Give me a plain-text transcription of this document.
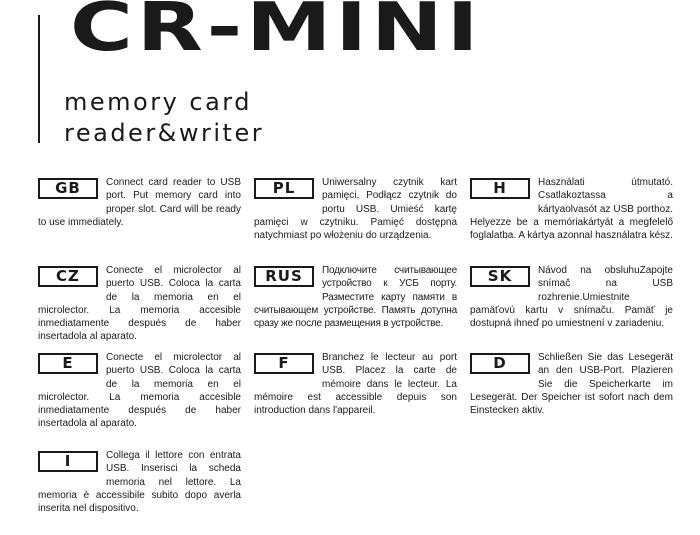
CR-MINI
memory card
reader&writer
GB	Connect card reader to USB port. Put memory card into proper slot. Card will be ready to use immediately.
PL	Uniwersalny czytnik kart pamięci. Podłącz czytnik do portu USB. Umieść kartę pamięci w czytniku. Pamięć dostępna natychmiast po włożeniu do urządzenia.
H	Használati útmutató. Csatlakoztassa a kártyaolvasót az USB porthoz. Helyezze be a memóriakártyát a megfelelő foglalatba. A kártya azonnal használatra kész.
CZ	Conecte el microlector al puerto USB. Coloca la carta de la memoria en el microlector. La memoria accesible inmediatamente después de haber insertadola al aparato.
RUS	Подключите считывающее устройство к УСБ порту. Разместите карту памяти в считывающем устройстве. Память дотупна сразу же после размещения в устройстве.
SK	Návod na obsluhuZapojte snímač na USB rozhrenie.Umiestnite pamäťovú kartu v snímaču. Pamäť je dostupná ihneď po umiestnení v zariadeniu.
E	Conecte el microlector al puerto USB. Coloca la carta de la memoria en el microlector. La memoria accesible inmediatamente después de haber insertadola al aparato.
F	Branchez le lecteur au port USB. Placez la carte de mémoire dans le lecteur. La mémoire est accessible depuis son introduction dans l'appareil.
D	Schließen Sie das Lesegerät an den USB-Port. Plazieren Sie die Speicherkarte im Lesegerät. Der Speicher ist sofort nach dem Einstecken aktiv.
I	Collega il lettore con entrata USB. Inserisci la scheda memoria nel lettore. La memoria è accessibile subito dopo averla inserita nel dispositivo.
